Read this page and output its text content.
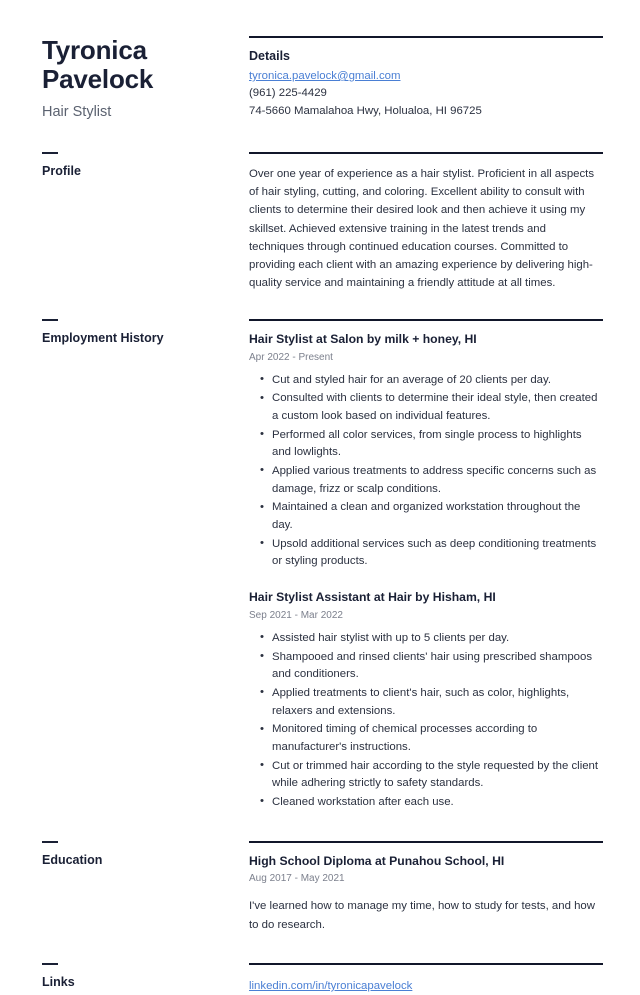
Tyronica
Pavelock
Hair Stylist
Details
tyronica.pavelock@gmail.com
(961) 225-4429
74-5660 Mamalahoa Hwy, Holualoa, HI 96725
Profile	Over one year of experience as a hair stylist. Proficient in all aspects of hair styling, cutting, and coloring. Excellent ability to consult with clients to determine their desired look and then achieve it using my skillset. Achieved extensive training in the latest trends and techniques through continued education courses. Committed to providing each client with an amazing experience by delivering high-quality service and maintaining a friendly attitude at all times.
Employment History	Hair Stylist at Salon by milk + honey, HI
Apr 2022 - Present
• Cut and styled hair for an average of 20 clients per day.
• Consulted with clients to determine their ideal style, then created a custom look based on individual features.
• Performed all color services, from single process to highlights and lowlights.
• Applied various treatments to address specific concerns such as damage, frizz or scalp conditions.
• Maintained a clean and organized workstation throughout the day.
• Upsold additional services such as deep conditioning treatments or styling products.
Hair Stylist Assistant at Hair by Hisham, HI
Sep 2021 - Mar 2022
• Assisted hair stylist with up to 5 clients per day.
• Shampooed and rinsed clients' hair using prescribed shampoos and conditioners.
• Applied treatments to client's hair, such as color, highlights, relaxers and extensions.
• Monitored timing of chemical processes according to manufacturer's instructions.
• Cut or trimmed hair according to the style requested by the client while adhering strictly to safety standards.
• Cleaned workstation after each use.
Education	High School Diploma at Punahou School, HI
Aug 2017 - May 2021
I've learned how to manage my time, how to study for tests, and how to do research.
Links	linkedin.com/in/tyronicapavelock
